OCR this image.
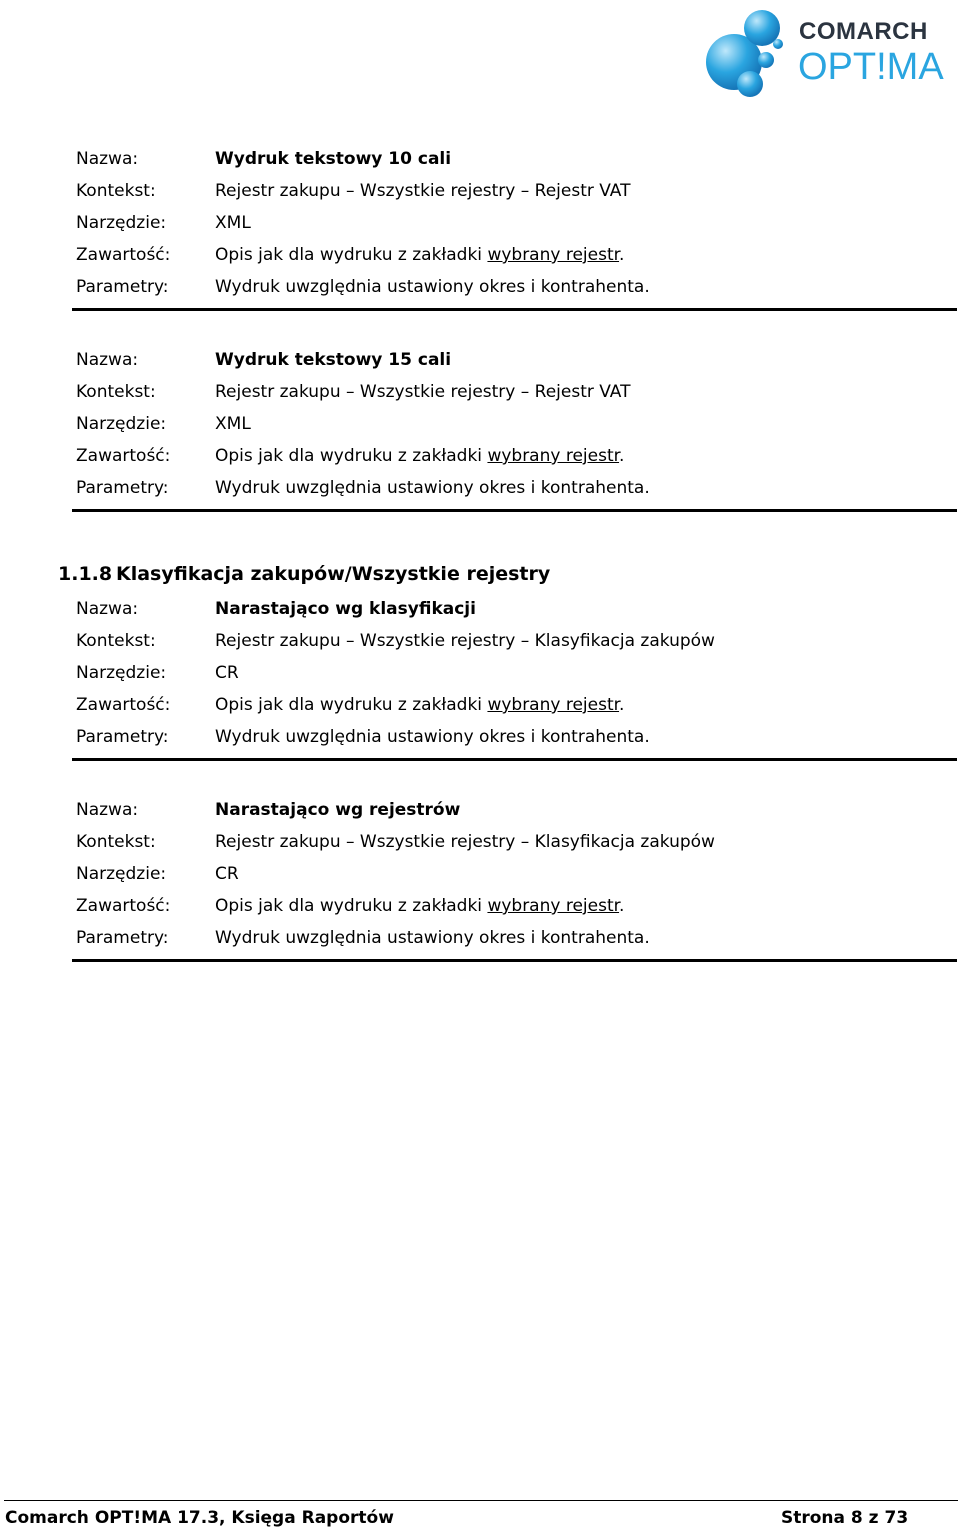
COMARCH
OPT!MA
Nazwa:	Wydruk tekstowy 10 cali
Kontekst:	Rejestr zakupu – Wszystkie rejestry – Rejestr VAT
Narzędzie:	XML
Zawartość:	Opis jak dla wydruku z zakładki wybrany rejestr.
Parametry:	Wydruk uwzględnia ustawiony okres i kontrahenta.
Nazwa:	Wydruk tekstowy 15 cali
Kontekst:	Rejestr zakupu – Wszystkie rejestry – Rejestr VAT
Narzędzie:	XML
Zawartość:	Opis jak dla wydruku z zakładki wybrany rejestr.
Parametry:	Wydruk uwzględnia ustawiony okres i kontrahenta.
1.1.8 Klasyfikacja zakupów/Wszystkie rejestry
Nazwa:	Narastająco wg klasyfikacji
Kontekst:	Rejestr zakupu – Wszystkie rejestry – Klasyfikacja zakupów
Narzędzie:	CR
Zawartość:	Opis jak dla wydruku z zakładki wybrany rejestr.
Parametry:	Wydruk uwzględnia ustawiony okres i kontrahenta.
Nazwa:	Narastająco wg rejestrów
Kontekst:	Rejestr zakupu – Wszystkie rejestry – Klasyfikacja zakupów
Narzędzie:	CR
Zawartość:	Opis jak dla wydruku z zakładki wybrany rejestr.
Parametry:	Wydruk uwzględnia ustawiony okres i kontrahenta.
Comarch OPT!MA 17.3, Księga Raportów	Strona 8 z 73
